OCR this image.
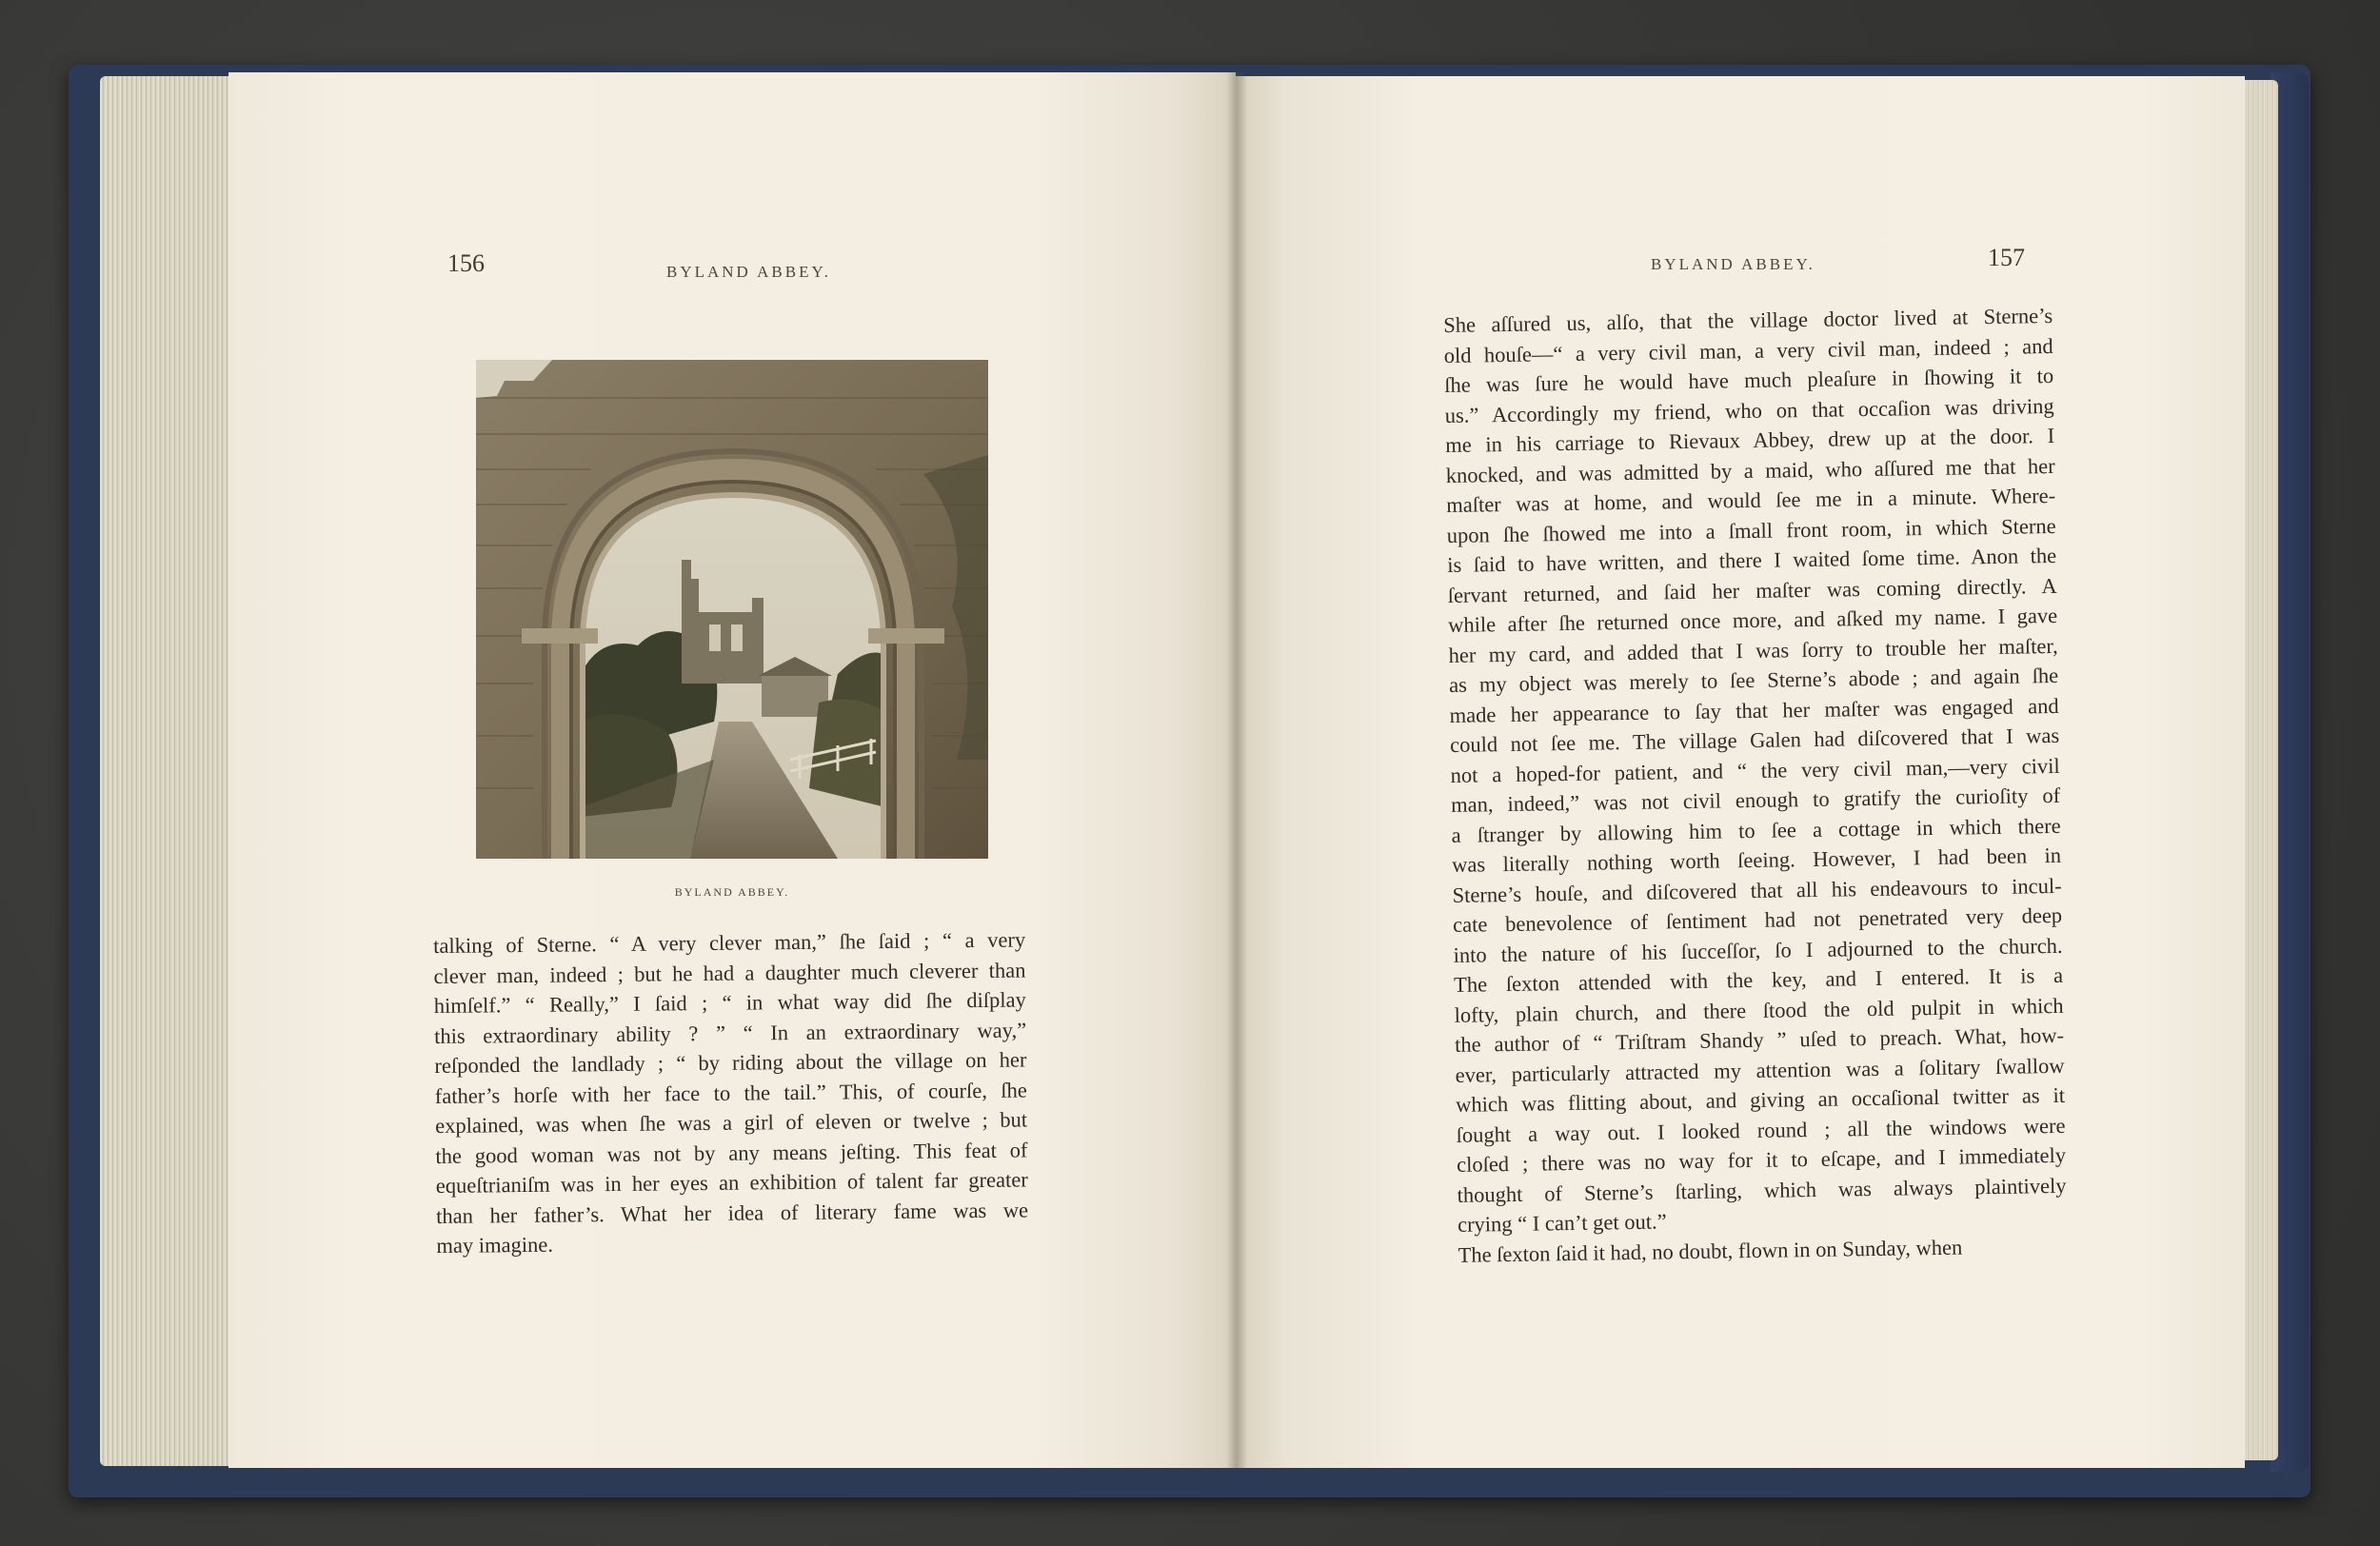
156	BYLAND ABBEY.
BYLAND ABBEY.
talking of Sterne. “ A very clever man,” ſhe ſaid ; “ a very
clever man, indeed ; but he had a daughter much cleverer than
himſelf.” “ Really,” I ſaid ; “ in what way did ſhe diſplay
this extraordinary ability ? ” “ In an extraordinary way,”
reſponded the landlady ; “ by riding about the village on her
father’s horſe with her face to the tail.” This, of courſe, ſhe
explained, was when ſhe was a girl of eleven or twelve ; but
the good woman was not by any means jeſting. This feat of
equeſtrianiſm was in her eyes an exhibition of talent far greater
than her father’s. What her idea of literary fame was we
may imagine.
BYLAND ABBEY.	157
She aſſured us, alſo, that the village doctor lived at Sterne’s
old houſe—“ a very civil man, a very civil man, indeed ; and
ſhe was ſure he would have much pleaſure in ſhowing it to
us.” Accordingly my friend, who on that occaſion was driving
me in his carriage to Rievaux Abbey, drew up at the door. I
knocked, and was admitted by a maid, who aſſured me that her
maſter was at home, and would ſee me in a minute. Where-
upon ſhe ſhowed me into a ſmall front room, in which Sterne
is ſaid to have written, and there I waited ſome time. Anon the
ſervant returned, and ſaid her maſter was coming directly. A
while after ſhe returned once more, and aſked my name. I gave
her my card, and added that I was ſorry to trouble her maſter,
as my object was merely to ſee Sterne’s abode ; and again ſhe
made her appearance to ſay that her maſter was engaged and
could not ſee me. The village Galen had diſcovered that I was
not a hoped-for patient, and “ the very civil man,—very civil
man, indeed,” was not civil enough to gratify the curioſity of
a ſtranger by allowing him to ſee a cottage in which there
was literally nothing worth ſeeing. However, I had been in
Sterne’s houſe, and diſcovered that all his endeavours to incul-
cate benevolence of ſentiment had not penetrated very deep
into the nature of his ſucceſſor, ſo I adjourned to the church.
The ſexton attended with the key, and I entered. It is a
lofty, plain church, and there ſtood the old pulpit in which
the author of “ Triſtram Shandy ” uſed to preach. What, how-
ever, particularly attracted my attention was a ſolitary ſwallow
which was flitting about, and giving an occaſional twitter as it
ſought a way out. I looked round ; all the windows were
cloſed ; there was no way for it to eſcape, and I immediately
thought of Sterne’s ſtarling, which was always plaintively
crying “ I can’t get out.”
The ſexton ſaid it had, no doubt, flown in on Sunday, when
